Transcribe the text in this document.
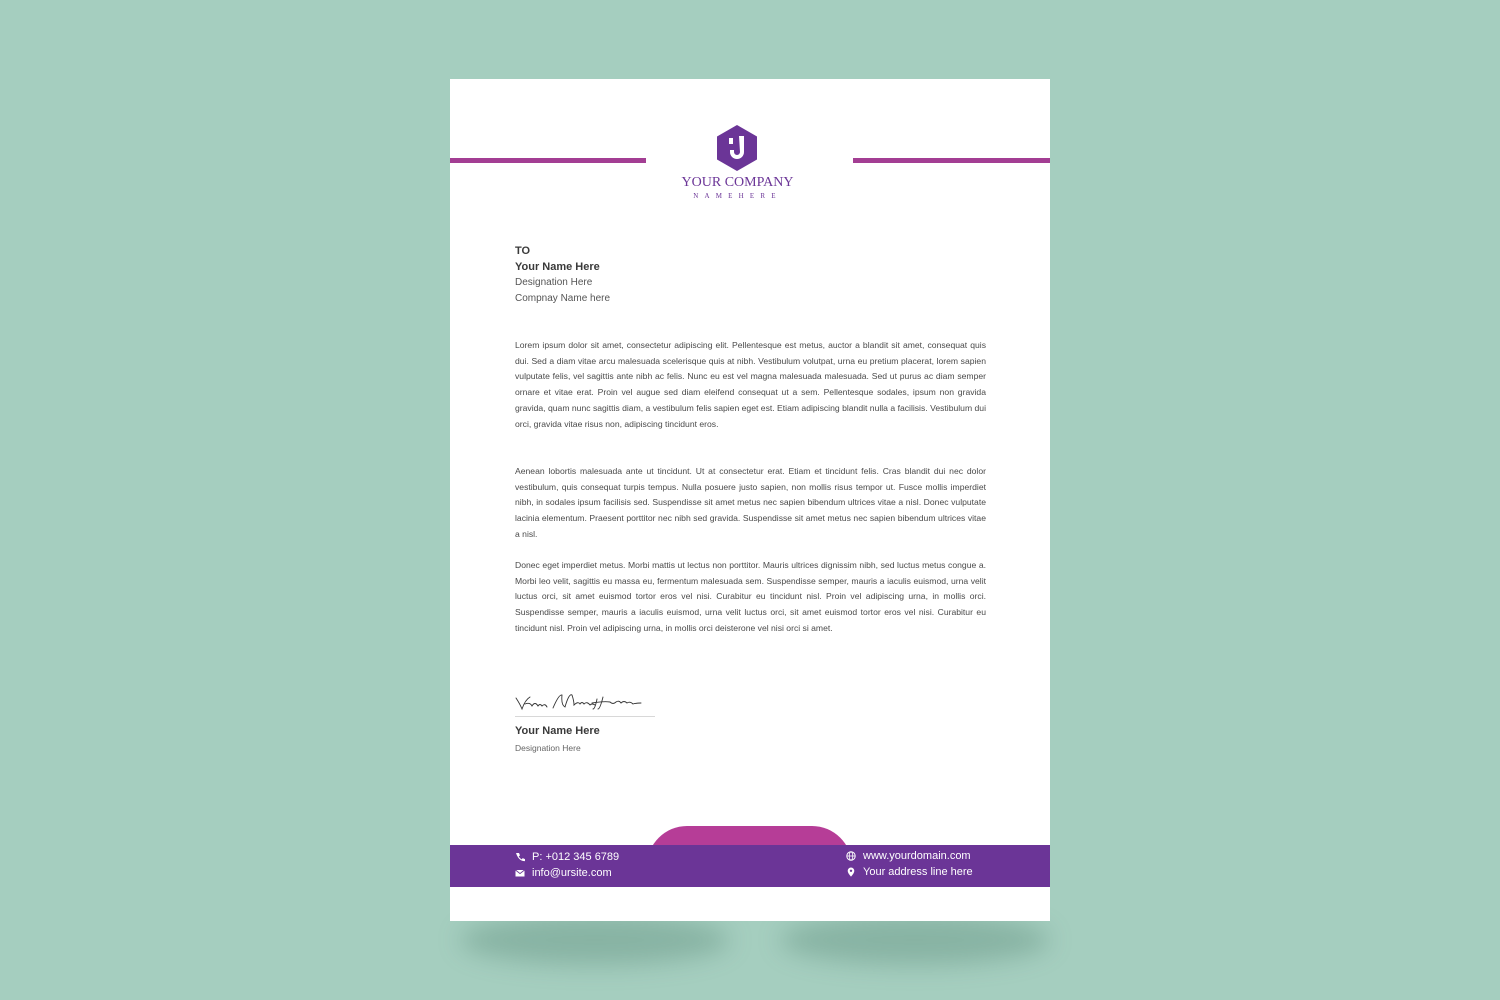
YOUR COMPANY
NAMEHERE
TO
Your Name Here
Designation Here
Compnay Name here
Lorem ipsum dolor sit amet, consectetur adipiscing elit. Pellentesque est metus, auctor a blandit sit amet, consequat quis dui. Sed a diam vitae arcu malesuada scelerisque quis at nibh. Vestibulum volutpat, urna eu pretium placerat, lorem sapien vulputate felis, vel sagittis ante nibh ac felis. Nunc eu est vel magna malesuada malesuada. Sed ut purus ac diam semper ornare et vitae erat. Proin vel augue sed diam eleifend consequat ut a sem. Pellentesque sodales, ipsum non gravida gravida, quam nunc sagittis diam, a vestibulum felis sapien eget est. Etiam adipiscing blandit nulla a facilisis. Vestibulum dui orci, gravida vitae risus non, adipiscing tincidunt eros.
Aenean lobortis malesuada ante ut tincidunt. Ut at consectetur erat. Etiam et tincidunt felis. Cras blandit dui nec dolor vestibulum, quis consequat turpis tempus. Nulla posuere justo sapien, non mollis risus tempor ut. Fusce mollis imperdiet nibh, in sodales ipsum facilisis sed. Suspendisse sit amet metus nec sapien bibendum ultrices vitae a nisl. Donec vulputate lacinia elementum. Praesent porttitor nec nibh sed gravida. Suspendisse sit amet metus nec sapien bibendum ultrices vitae a nisl.
Donec eget imperdiet metus. Morbi mattis ut lectus non porttitor. Mauris ultrices dignissim nibh, sed luctus metus congue a. Morbi leo velit, sagittis eu massa eu, fermentum malesuada sem. Suspendisse semper, mauris a iaculis euismod, urna velit luctus orci, sit amet euismod tortor eros vel nisi. Curabitur eu tincidunt nisl. Proin vel adipiscing urna, in mollis orci. Suspendisse semper, mauris a iaculis euismod, urna velit luctus orci, sit amet euismod tortor eros vel nisi. Curabitur eu tincidunt nisl. Proin vel adipiscing urna, in mollis orci deisterone vel nisi orci si amet.
Your Name Here
Designation Here
P: +012 345 6789
info@ursite.com
www.yourdomain.com
Your address line here
